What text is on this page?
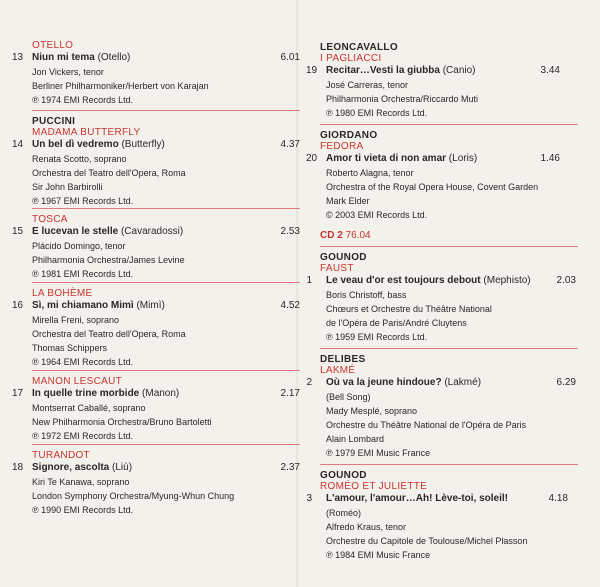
OTELLO
13 Niun mi tema (Otello)	6.01
Jon Vickers, tenor
Berliner Philharmoniker/Herbert von Karajan
℗ 1974 EMI Records Ltd.
PUCCINI
MADAMA BUTTERFLY
14 Un bel dì vedremo (Butterfly)	4.37
Renata Scotto, soprano
Orchestra del Teatro dell'Opera, Roma
Sir John Barbirolli
℗ 1967 EMI Records Ltd.
TOSCA
15 E lucevan le stelle (Cavaradossi)	2.53
Plácido Domingo, tenor
Philharmonia Orchestra/James Levine
℗ 1981 EMI Records Ltd.
LA BOHÈME
16 Sì, mi chiamano Mimì (Mimì)	4.52
Mirella Freni, soprano
Orchestra del Teatro dell'Opera, Roma
Thomas Schippers
℗ 1964 EMI Records Ltd.
MANON LESCAUT
17 In quelle trine morbide (Manon)	2.17
Montserrat Caballé, soprano
New Philharmonia Orchestra/Bruno Bartoletti
℗ 1972 EMI Records Ltd.
TURANDOT
18 Signore, ascolta (Liù)	2.37
Kiri Te Kanawa, soprano
London Symphony Orchestra/Myung-Whun Chung
℗ 1990 EMI Records Ltd.
LEONCAVALLO
I PAGLIACCI
19 Recitar…Vesti la giubba (Canio)	3.44
José Carreras, tenor
Philharmonia Orchestra/Riccardo Muti
℗ 1980 EMI Records Ltd.
GIORDANO
FEDORA
20 Amor ti vieta di non amar (Loris)	1.46
Roberto Alagna, tenor
Orchestra of the Royal Opera House, Covent Garden
Mark Elder
© 2003 EMI Records Ltd.
CD 2 76.04
GOUNOD
FAUST
1 Le veau d'or est toujours debout (Mephisto)	2.03
Boris Christoff, bass
Chœurs et Orchestre du Théâtre National
de l'Opéra de Paris/André Cluytens
℗ 1959 EMI Records Ltd.
DELIBES
LAKMÉ
2 Où va la jeune hindoue? (Lakmé)	6.29
(Bell Song)
Mady Mesplé, soprano
Orchestre du Théâtre National de l'Opéra de Paris
Alain Lombard
℗ 1979 EMI Music France
GOUNOD
ROMÉO ET JULIETTE
3 L'amour, l'amour…Ah! Lève-toi, soleil!	4.18
(Roméo)
Alfredo Kraus, tenor
Orchestre du Capitole de Toulouse/Michel Plasson
℗ 1984 EMI Music France
